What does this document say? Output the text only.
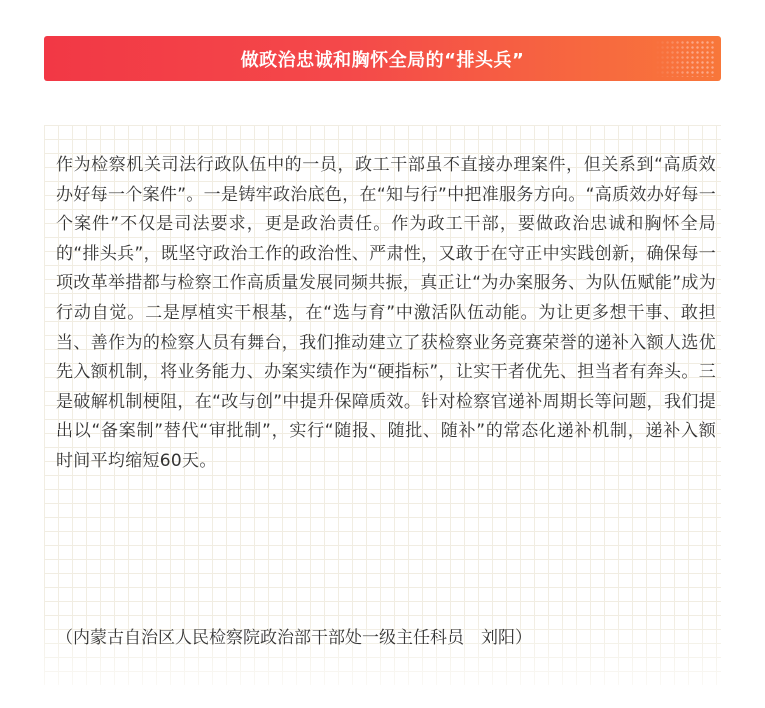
做政治忠诚和胸怀全局的“排头兵”

作为检察机关司法行政队伍中的一员，政工干部虽不直接办理案件，但关系到“高质效办好每一个案件”。一是铸牢政治底色，在“知与行”中把准服务方向。“高质效办好每一个案件”不仅是司法要求，更是政治责任。作为政工干部，要做政治忠诚和胸怀全局的“排头兵”，既坚守政治工作的政治性、严肃性，又敢于在守正中实践创新，确保每一项改革举措都与检察工作高质量发展同频共振，真正让“为办案服务、为队伍赋能”成为行动自觉。二是厚植实干根基，在“选与育”中激活队伍动能。为让更多想干事、敢担当、善作为的检察人员有舞台，我们推动建立了获检察业务竞赛荣誉的递补入额人选优先入额机制，将业务能力、办案实绩作为“硬指标”，让实干者优先、担当者有奔头。三是破解机制梗阻，在“改与创”中提升保障质效。针对检察官递补周期长等问题，我们提出以“备案制”替代“审批制”，实行“随报、随批、随补”的常态化递补机制，递补入额时间平均缩短60天。

（内蒙古自治区人民检察院政治部干部处一级主任科员　刘阳）
